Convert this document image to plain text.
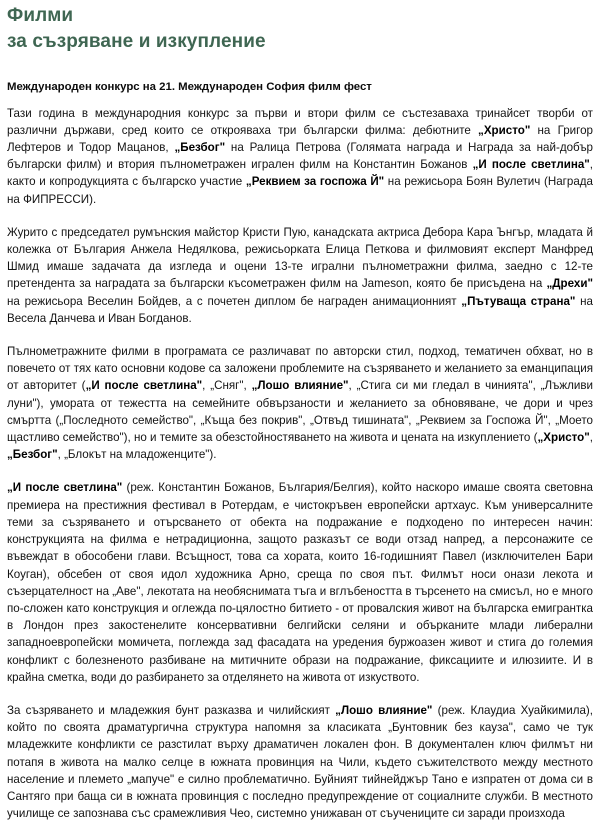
Филми
за съзряване и изкупление
Международен конкурс на 21. Международен София филм фест

Тази година в международния конкурс за първи и втори филм се състезаваха тринайсет творби от различни държави, сред които се открояваха три български филма: дебютните „Христо" на Григор Лефтеров и Тодор Мацанов, „Безбог" на Ралица Петрова (Голямата награда и Награда за най-добър български филм) и втория пълнометражен игрален филм на Константин Божанов „И после светлина", както и копродукцията с българско участие „Реквием за госпожа Й" на режисьора Боян Вулетич (Награда на ФИПРЕССИ).

Журито с председател румънския майстор Кристи Пую, канадската актриса Дебора Кара Ънгър, младата й колежка от България Анжела Недялкова, режисьорката Елица Петкова и филмовият експерт Манфред Шмид имаше задачата да изгледа и оцени 13-те игрални пълнометражни филма, заедно с 12-те претендента за наградата за български късометражен филм на Jameson, която бе присъдена на „Дрехи" на режисьора Веселин Бойдев, а с почетен диплом бе награден анимационният „Пътуваща страна" на Весела Данчева и Иван Богданов.

Пълнометражните филми в програмата се различават по авторски стил, подход, тематичен обхват, но в повечето от тях като основни кодове са заложени проблемите на съзряването и желанието за еманципация от авторитет („И после светлина", „Сняг", „Лошо влияние", „Стига си ми гледал в чинията", „Лъжливи луни"), умората от тежестта на семейните обвързаности и желанието за обновяване, че дори и чрез смъртта („Последното семейство", „Къща без покрив", „Отвъд тишината", „Реквием за Госпожа Й", „Моето щастливо семейство"), но и темите за обезстойностяването на живота и цената на изкуплението („Христо", „Безбог", „Блокът на младоженците").

„И после светлина" (реж. Константин Божанов, България/Белгия), който наскоро имаше своята световна премиера на престижния фестивал в Ротердам, е чистокръвен европейски артхаус. Към универсалните теми за съзряването и отърсването от обекта на подражание е подходено по интересен начин: конструкцията на филма е нетрадиционна, защото разказът се води отзад напред, а персонажите се въвеждат в обособени глави. Всъщност, това са хората, които 16-годишният Павел (изключителен Бари Коуган), обсебен от своя идол художника Арно, среща по своя път. Филмът носи онази лекота и съзерцателност на „Аве", лекотата на необяснимата тъга и вглъбеността в търсенето на смисъл, но е много по-сложен като конструкция и оглежда по-цялостно битието - от провалския живот на българска емигрантка в Лондон през закостенелите консервативни белгийски селяни и обърканите млади либерални западноевропейски момичета, поглежда зад фасадата на уредения буржоазен живот и стига до големия конфликт с болезненото разбиване на митичните образи на подражание, фиксациите и илюзиите. И в крайна сметка, води до разбирането за отделянето на живота от изкуството.

За съзряването и младежкия бунт разказва и чилийският „Лошо влияние" (реж. Клаудиа Хуайкимила), който по своята драматургична структура напомня за класиката „Бунтовник без кауза", само че тук младежките конфликти се разстилат върху драматичен локален фон. В документален ключ филмът ни потапя в живота на малко селце в южната провинция на Чили, където съжителството между местното население и племето „мапуче" е силно проблематично. Буйният тийнейджър Тано е изпратен от дома си в Сантяго при баща си в южната провинция с последно предупреждение от социалните служби. В местното училище се запознава със срамежливия Чео, системно унижаван от съучениците си заради произхода
